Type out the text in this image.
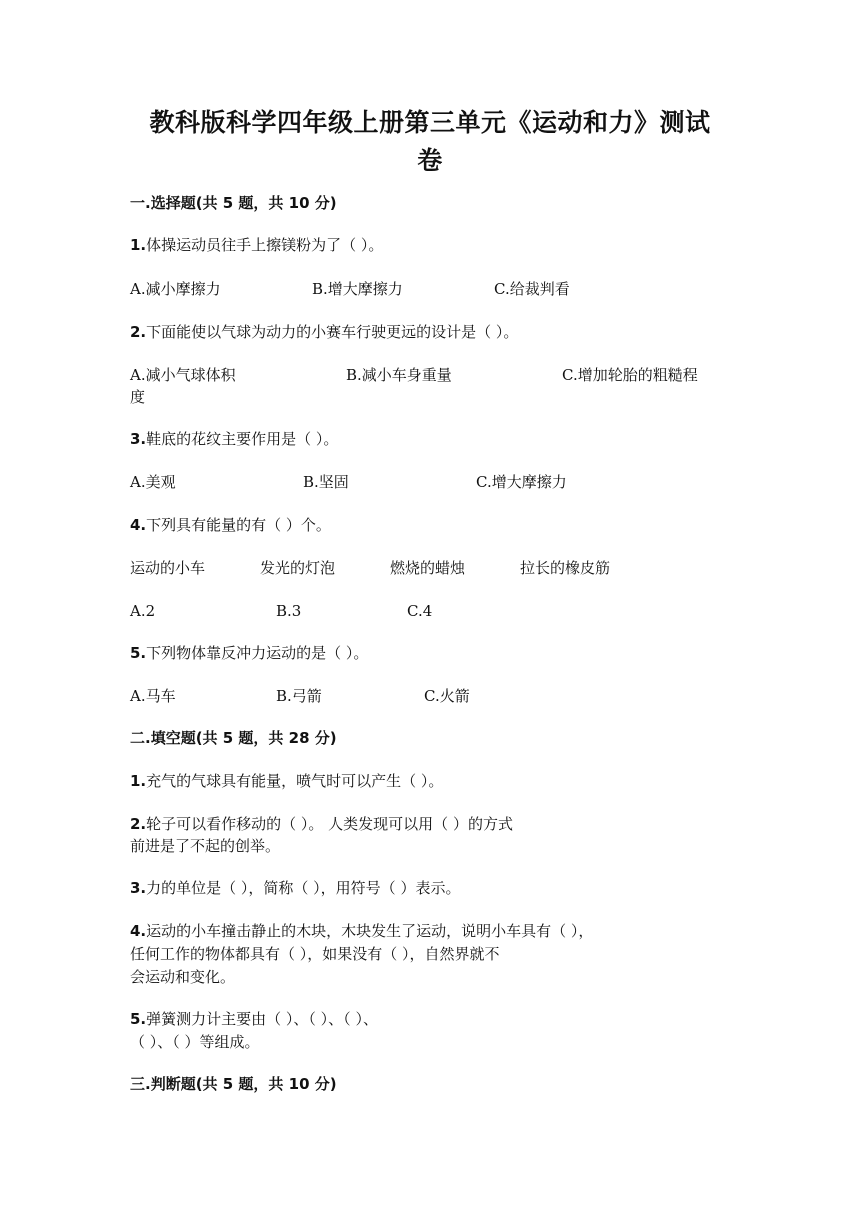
教科版科学四年级上册第三单元《运动和力》测试
卷
一.选择题(共 5 题，共 10 分)
1.体操运动员往手上擦镁粉为了（ ）。
A.减小摩擦力	B.增大摩擦力	C.给裁判看
2.下面能使以气球为动力的小赛车行驶更远的设计是（ ）。
A.减小气球体积	B.减小车身重量	C.增加轮胎的粗糙程
度
3.鞋底的花纹主要作用是（ ）。
A.美观	B.坚固	C.增大摩擦力
4.下列具有能量的有（ ）个。
运动的小车	发光的灯泡	燃烧的蜡烛	拉长的橡皮筋
A.2	B.3	C.4
5.下列物体靠反冲力运动的是（ ）。
A.马车	B.弓箭	C.火箭
二.填空题(共 5 题，共 28 分)
1.充气的气球具有能量，喷气时可以产生（ ）。
2.轮子可以看作移动的（ ）。 人类发现可以用（ ）的方式
前进是了不起的创举。
3.力的单位是（ ），简称（ ），用符号（ ）表示。
4.运动的小车撞击静止的木块，木块发生了运动，说明小车具有（ ），
任何工作的物体都具有（ ），如果没有（ ），自然界就不
会运动和变化。
5.弹簧测力计主要由（ ）、（ ）、（ ）、
（ ）、（ ）等组成。
三.判断题(共 5 题，共 10 分)
